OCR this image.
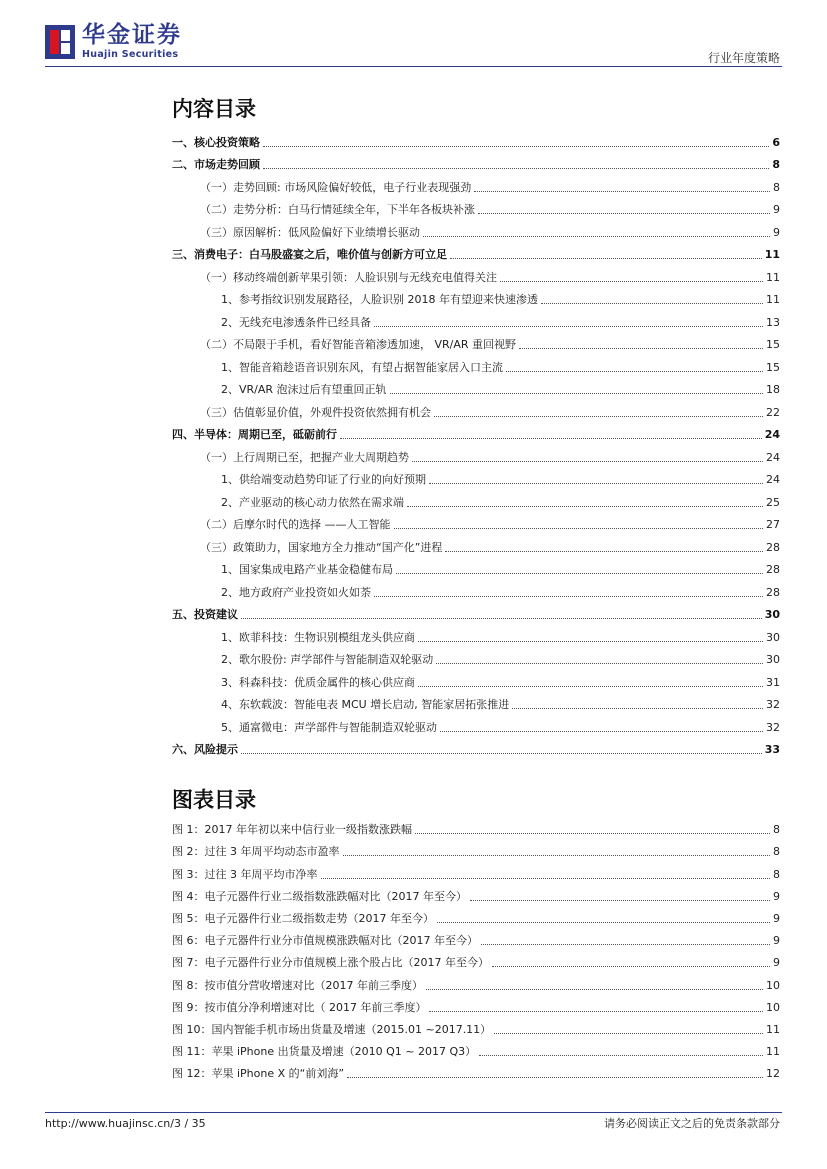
华金证券
Huajin Securities	行业年度策略
内容目录
一、核心投资策略	6
二、市场走势回顾	8
（一）走势回顾: 市场风险偏好较低，电子行业表现强劲	8
（二）走势分析：白马行情延续全年，下半年各板块补涨	9
（三）原因解析：低风险偏好下业绩增长驱动	9
三、消费电子：白马股盛宴之后，唯价值与创新方可立足	11
（一）移动终端创新苹果引领：人脸识别与无线充电值得关注	11
1、参考指纹识别发展路径，人脸识别 2018 年有望迎来快速渗透	11
2、无线充电渗透条件已经具备	13
（二）不局限于手机，看好智能音箱渗透加速， VR/AR 重回视野	15
1、智能音箱趁语音识别东风，有望占据智能家居入口主流	15
2、VR/AR 泡沫过后有望重回正轨	18
（三）估值彰显价值，外观件投资依然拥有机会	22
四、半导体：周期已至，砥砺前行	24
（一）上行周期已至，把握产业大周期趋势	24
1、供给端变动趋势印证了行业的向好预期	24
2、产业驱动的核心动力依然在需求端	25
（二）后摩尔时代的选择 ——人工智能	27
（三）政策助力，国家地方全力推动“国产化”进程	28
1、国家集成电路产业基金稳健布局	28
2、地方政府产业投资如火如荼	28
五、投资建议	30
1、欧菲科技：生物识别模组龙头供应商	30
2、歌尔股份: 声学部件与智能制造双轮驱动	30
3、科森科技：优质金属件的核心供应商	31
4、东软载波：智能电表 MCU 增长启动, 智能家居拓张推进	32
5、通富微电：声学部件与智能制造双轮驱动	32
六、风险提示	33
图表目录
图 1：2017 年年初以来中信行业一级指数涨跌幅	8
图 2：过往 3 年周平均动态市盈率	8
图 3：过往 3 年周平均市净率	8
图 4：电子元器件行业二级指数涨跌幅对比（2017 年至今）	9
图 5：电子元器件行业二级指数走势（2017 年至今）	9
图 6：电子元器件行业分市值规模涨跌幅对比（2017 年至今）	9
图 7：电子元器件行业分市值规模上涨个股占比（2017 年至今）	9
图 8：按市值分营收增速对比（2017 年前三季度）	10
图 9：按市值分净利增速对比（ 2017 年前三季度）	10
图 10：国内智能手机市场出货量及增速（2015.01 ~2017.11）	11
图 11：苹果 iPhone 出货量及增速（2010 Q1 ~ 2017 Q3）	11
图 12：苹果 iPhone X 的“前刘海”	12
http://www.huajinsc.cn/3 / 35	请务必阅读正文之后的免责条款部分
